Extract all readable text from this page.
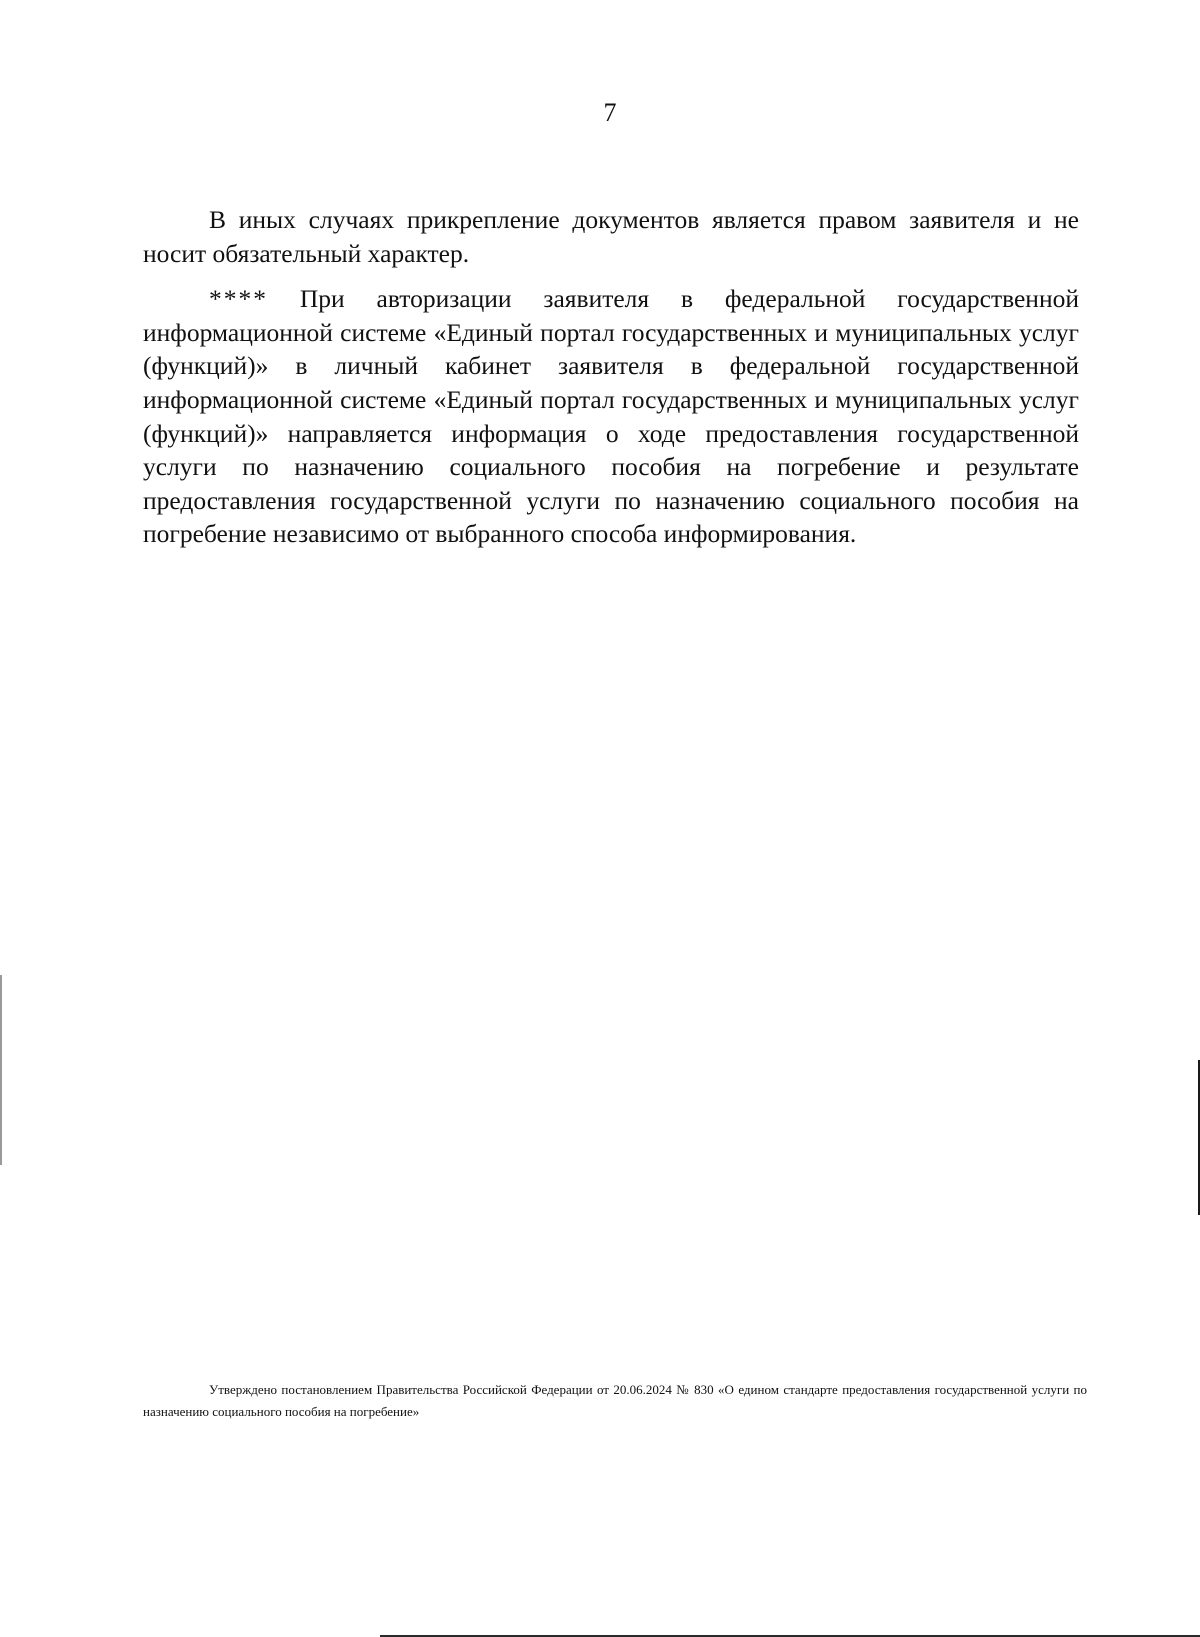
7

В иных случаях прикрепление документов является правом заявителя и не носит обязательный характер.

**** При авторизации заявителя в федеральной государственной информационной системе «Единый портал государственных и муниципальных услуг (функций)» в личный кабинет заявителя в федеральной государственной информационной системе «Единый портал государственных и муниципальных услуг (функций)» направляется информация о ходе предоставления государственной услуги по назначению социального пособия на погребение и результате предоставления государственной услуги по назначению социального пособия на погребение независимо от выбранного способа информирования.

Утверждено постановлением Правительства Российской Федерации от 20.06.2024 № 830 «О едином стандарте предоставления государственной услуги по назначению социального пособия на погребение»
